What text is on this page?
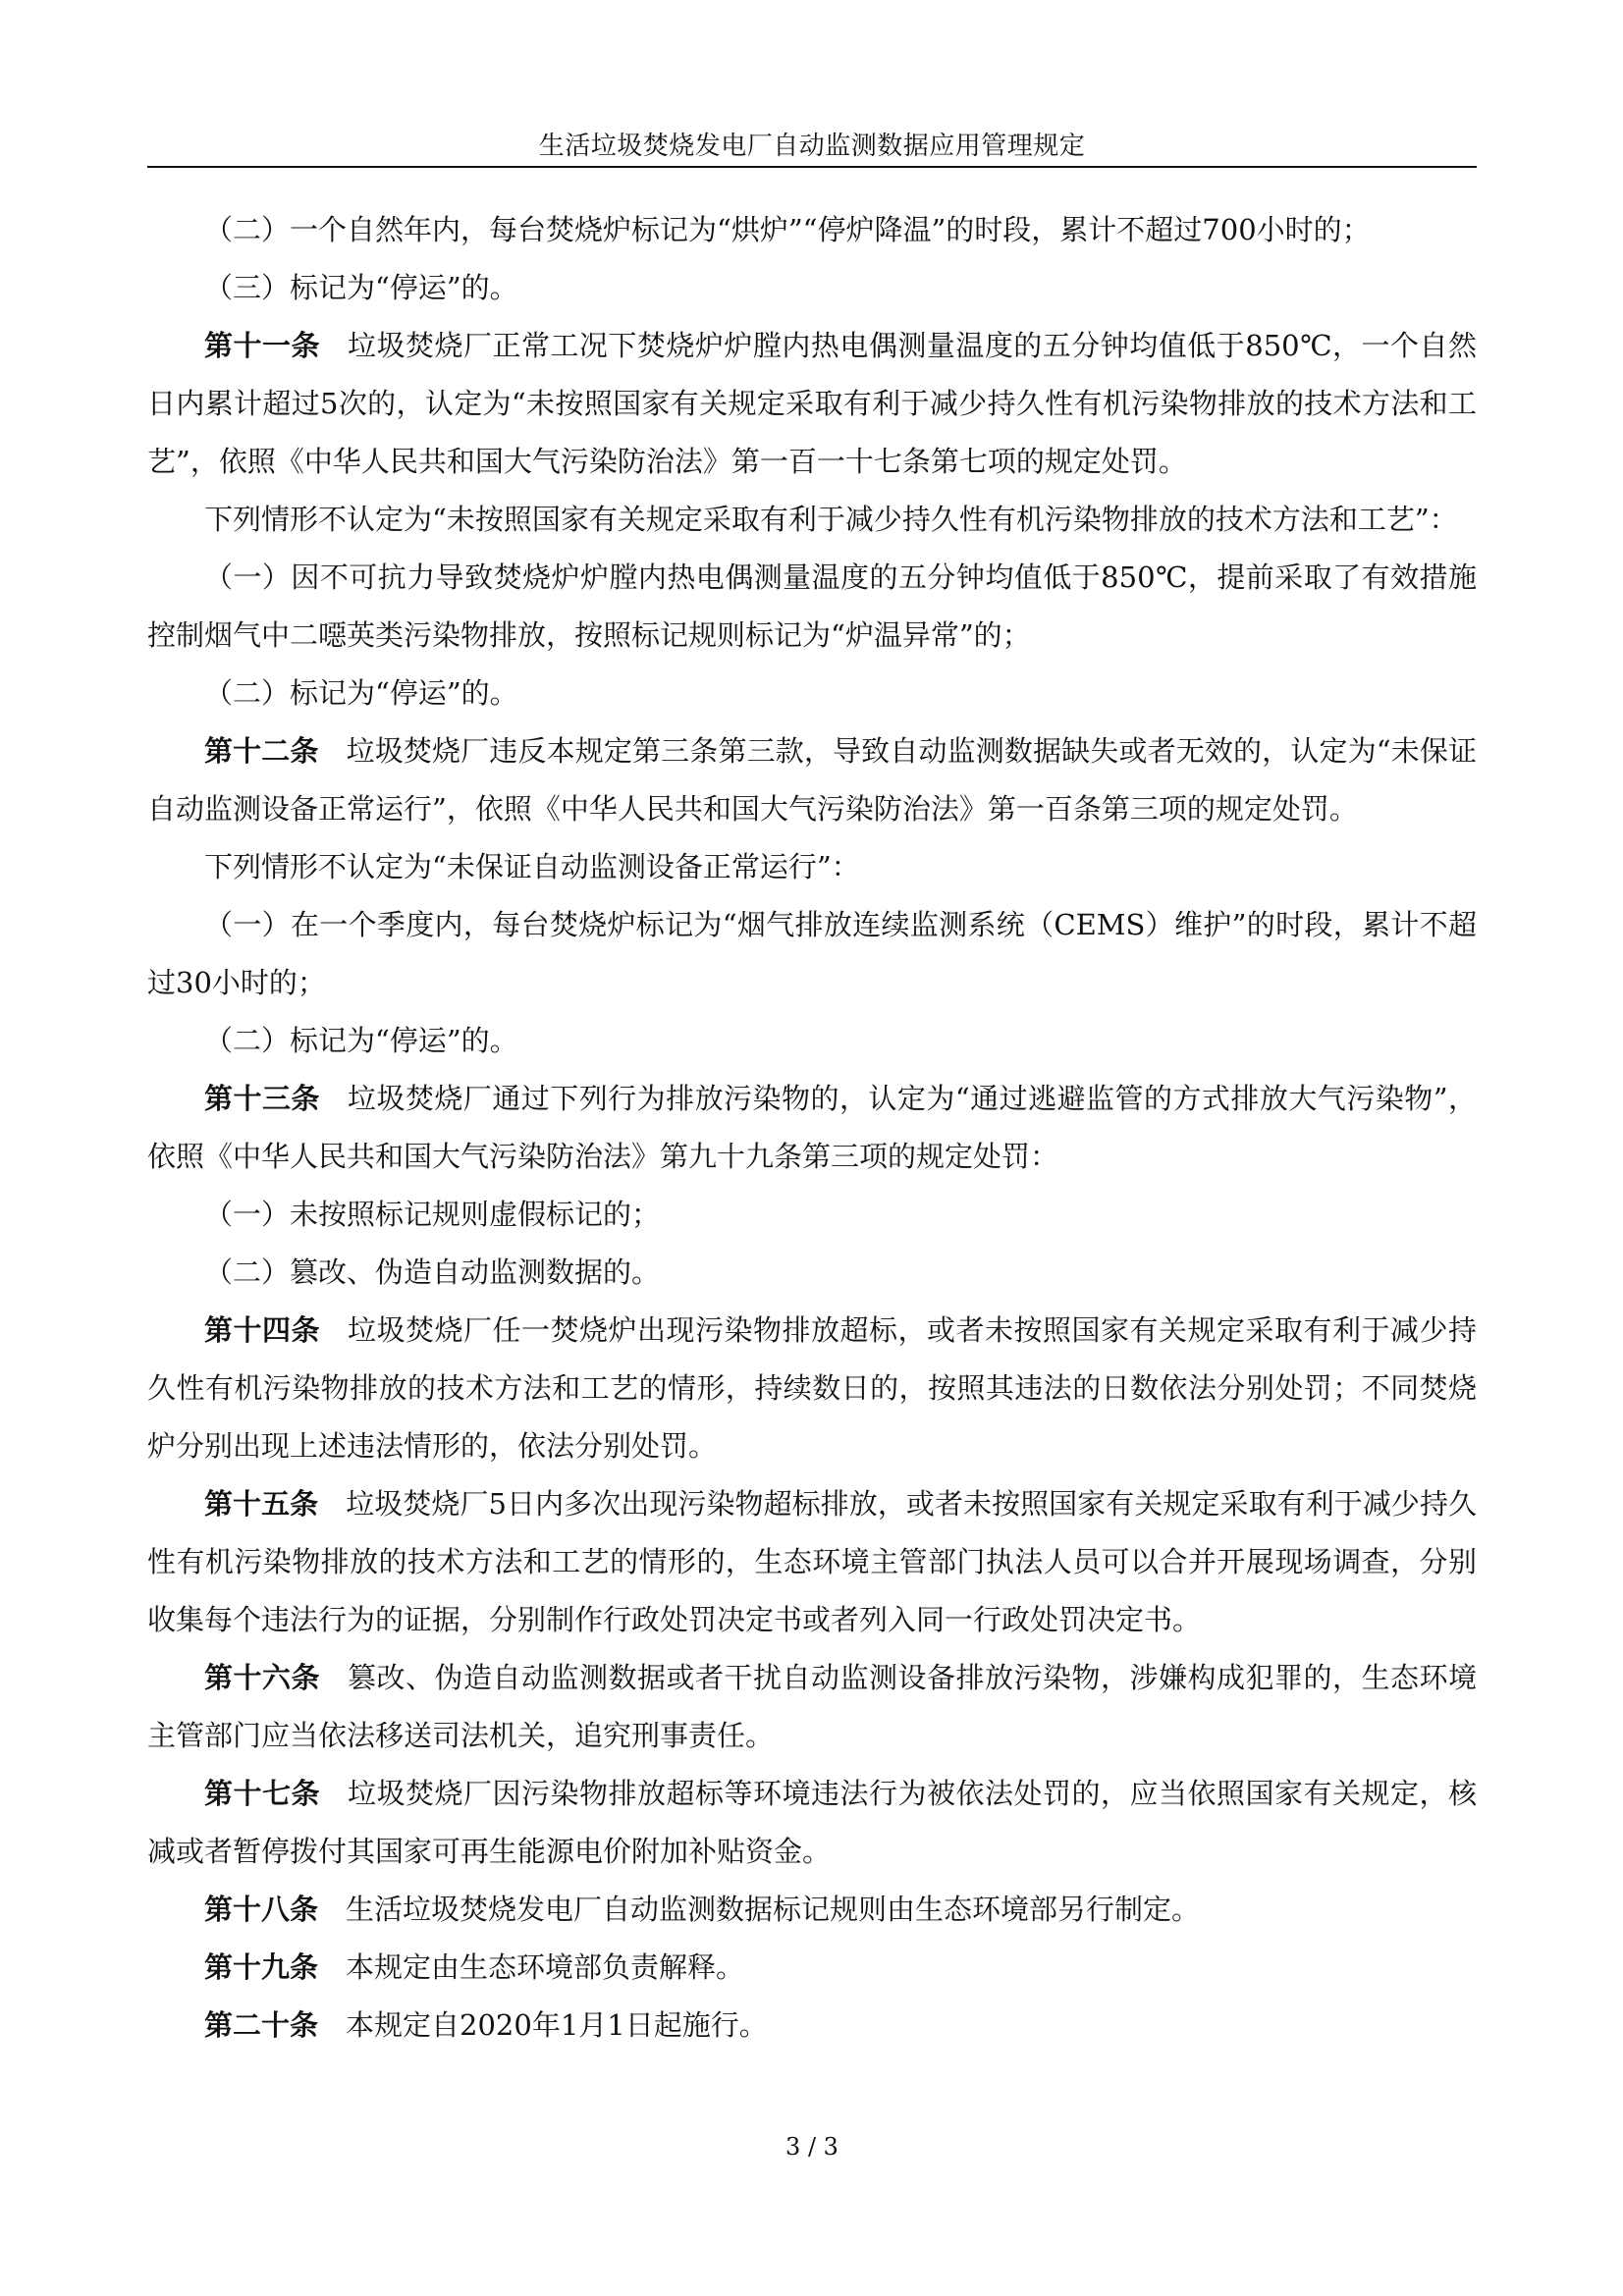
生活垃圾焚烧发电厂自动监测数据应用管理规定

（二）一个自然年内，每台焚烧炉标记为“烘炉”“停炉降温”的时段，累计不超过700小时的；

（三）标记为“停运”的。

第十一条 垃圾焚烧厂正常工况下焚烧炉炉膛内热电偶测量温度的五分钟均值低于850℃，一个自然日内累计超过5次的，认定为“未按照国家有关规定采取有利于减少持久性有机污染物排放的技术方法和工艺”，依照《中华人民共和国大气污染防治法》第一百一十七条第七项的规定处罚。

下列情形不认定为“未按照国家有关规定采取有利于减少持久性有机污染物排放的技术方法和工艺”：

（一）因不可抗力导致焚烧炉炉膛内热电偶测量温度的五分钟均值低于850℃，提前采取了有效措施控制烟气中二噁英类污染物排放，按照标记规则标记为“炉温异常”的；

（二）标记为“停运”的。

第十二条 垃圾焚烧厂违反本规定第三条第三款，导致自动监测数据缺失或者无效的，认定为“未保证自动监测设备正常运行”，依照《中华人民共和国大气污染防治法》第一百条第三项的规定处罚。

下列情形不认定为“未保证自动监测设备正常运行”：

（一）在一个季度内，每台焚烧炉标记为“烟气排放连续监测系统（CEMS）维护”的时段，累计不超过30小时的；

（二）标记为“停运”的。

第十三条 垃圾焚烧厂通过下列行为排放污染物的，认定为“通过逃避监管的方式排放大气污染物”，依照《中华人民共和国大气污染防治法》第九十九条第三项的规定处罚：

（一）未按照标记规则虚假标记的；

（二）篡改、伪造自动监测数据的。

第十四条 垃圾焚烧厂任一焚烧炉出现污染物排放超标，或者未按照国家有关规定采取有利于减少持久性有机污染物排放的技术方法和工艺的情形，持续数日的，按照其违法的日数依法分别处罚；不同焚烧炉分别出现上述违法情形的，依法分别处罚。

第十五条 垃圾焚烧厂5日内多次出现污染物超标排放，或者未按照国家有关规定采取有利于减少持久性有机污染物排放的技术方法和工艺的情形的，生态环境主管部门执法人员可以合并开展现场调查，分别收集每个违法行为的证据，分别制作行政处罚决定书或者列入同一行政处罚决定书。

第十六条 篡改、伪造自动监测数据或者干扰自动监测设备排放污染物，涉嫌构成犯罪的，生态环境主管部门应当依法移送司法机关，追究刑事责任。

第十七条 垃圾焚烧厂因污染物排放超标等环境违法行为被依法处罚的，应当依照国家有关规定，核减或者暂停拨付其国家可再生能源电价附加补贴资金。

第十八条 生活垃圾焚烧发电厂自动监测数据标记规则由生态环境部另行制定。

第十九条 本规定由生态环境部负责解释。

第二十条 本规定自2020年1月1日起施行。

3 / 3
